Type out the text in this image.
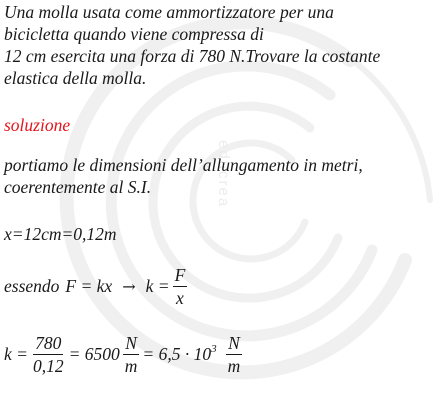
educrea
Una molla usata come ammortizzatore per una
bicicletta quando viene compressa di
12 cm esercita una forza di 780 N.Trovare la costante
elastica della molla.
soluzione
portiamo le dimensioni dell’allungamento in metri,
coerentemente al S.I.
x=12cm=0,12m
essendo F = kx → $k = \frac{F}{x}$
$k = \frac{780}{0,12} = 6500 \frac{N}{m} = 6,5 \cdot 10^3 \frac{N}{m}$
